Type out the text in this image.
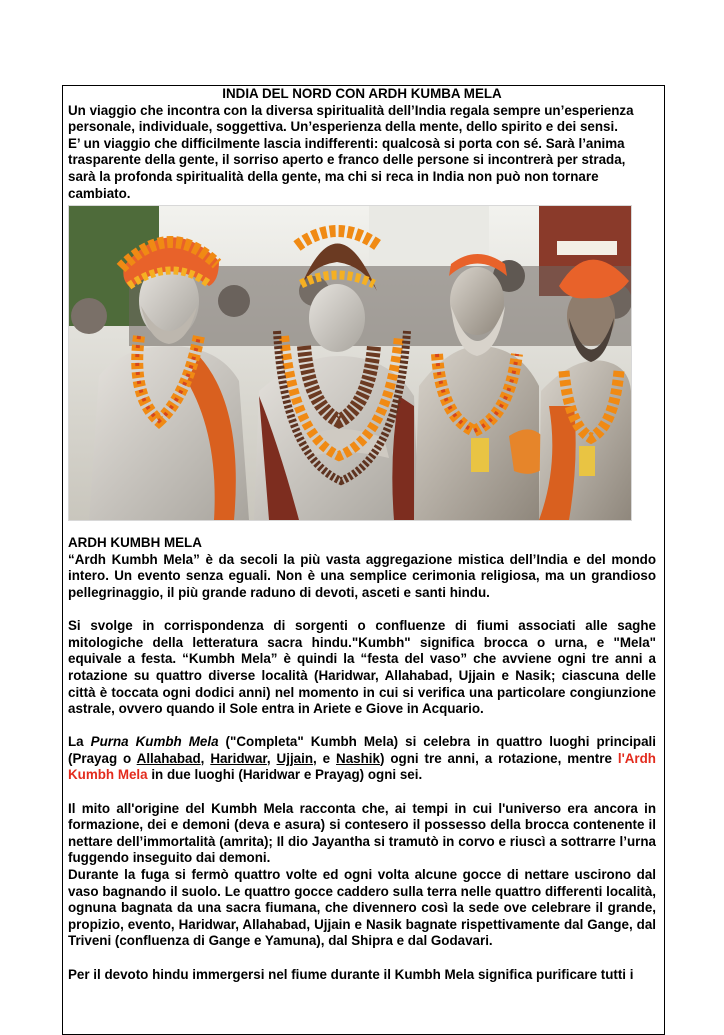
INDIA DEL NORD CON ARDH KUMBA MELA

Un viaggio che incontra con la diversa spiritualità dell’India regala sempre un’esperienza

personale, individuale, soggettiva. Un’esperienza della mente, dello spirito e dei sensi.

E’ un viaggio che difficilmente lascia indifferenti: qualcosà si porta con sé. Sarà l’anima

trasparente della gente, il sorriso aperto e franco delle persone si incontrerà per strada,

sarà la profonda spiritualità della gente, ma chi si reca in India non può non tornare

cambiato.

ARDH KUMBH MELA

“Ardh Kumbh Mela” è da secoli la più vasta aggregazione mistica dell’India e del mondo intero. Un evento senza eguali. Non è una semplice cerimonia religiosa, ma un grandioso pellegrinaggio, il più grande raduno di devoti, asceti e santi hindu.

Si svolge in corrispondenza di sorgenti o confluenze di fiumi associati alle saghe mitologiche della letteratura sacra hindu."Kumbh" significa brocca o urna, e "Mela" equivale a festa. “Kumbh Mela” è quindi la “festa del vaso” che avviene ogni tre anni a rotazione su quattro diverse località (Haridwar, Allahabad, Ujjain e Nasik; ciascuna delle città è toccata ogni dodici anni) nel momento in cui si verifica una particolare congiunzione astrale, ovvero quando il Sole entra in Ariete e Giove in Acquario.

La Purna Kumbh Mela ("Completa" Kumbh Mela) si celebra in quattro luoghi principali (Prayag o Allahabad, Haridwar, Ujjain, e Nashik) ogni tre anni, a rotazione, mentre l'Ardh Kumbh Mela in due luoghi (Haridwar e Prayag) ogni sei.

Il mito all'origine del Kumbh Mela racconta che, ai tempi in cui l'universo era ancora in formazione, dei e demoni (deva e asura) si contesero il possesso della brocca contenente il nettare dell’immortalità (amrita); Il dio Jayantha si tramutò in corvo e riuscì a sottrarre l’urna fuggendo inseguito dai demoni.

Durante la fuga si fermò quattro volte ed ogni volta alcune gocce di nettare uscirono dal vaso bagnando il suolo. Le quattro gocce caddero sulla terra nelle quattro differenti località, ognuna bagnata da una sacra fiumana, che divennero così la sede ove celebrare il grande, propizio, evento, Haridwar, Allahabad, Ujjain e Nasik bagnate rispettivamente dal Gange, dal Triveni (confluenza di Gange e Yamuna), dal Shipra e dal Godavari.

Per il devoto hindu immergersi nel fiume durante il Kumbh Mela significa purificare tutti i
